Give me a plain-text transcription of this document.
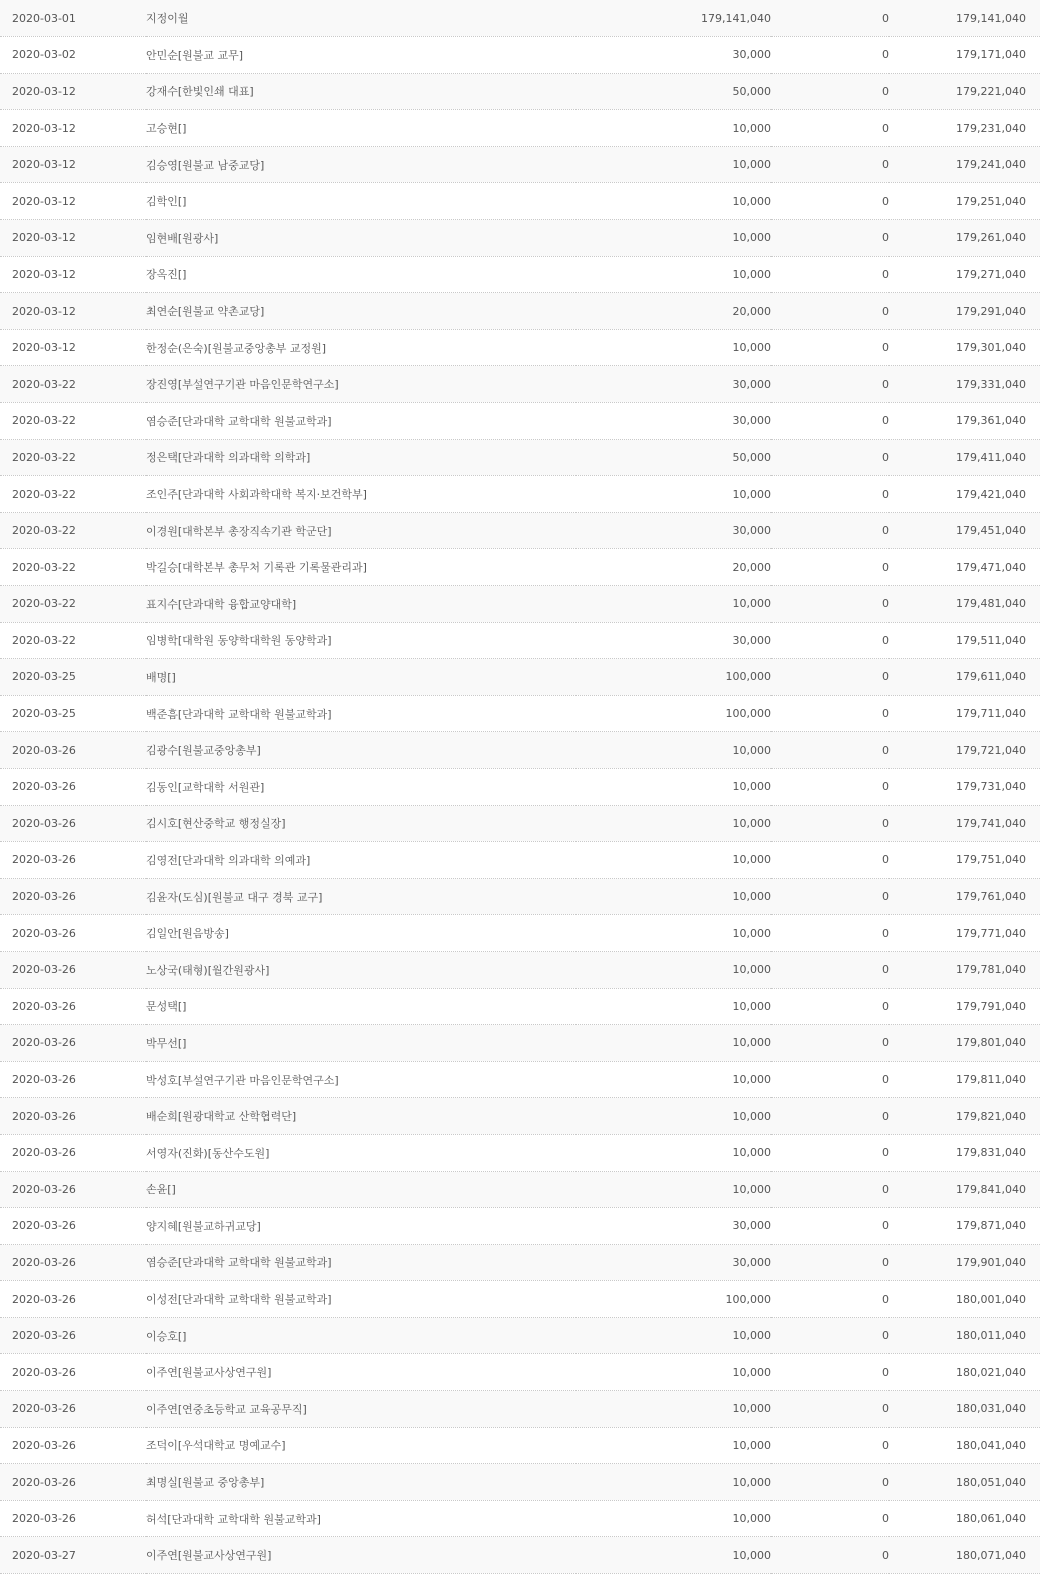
2020-03-01	지정이월	179,141,040	0	179,141,040
2020-03-02	안민순[원불교 교무]	30,000	0	179,171,040
2020-03-12	강재수[한빛인쇄 대표]	50,000	0	179,221,040
2020-03-12	고승현[]	10,000	0	179,231,040
2020-03-12	김승영[원불교 남중교당]	10,000	0	179,241,040
2020-03-12	김학인[]	10,000	0	179,251,040
2020-03-12	임현배[원광사]	10,000	0	179,261,040
2020-03-12	장옥진[]	10,000	0	179,271,040
2020-03-12	최연순[원불교 약촌교당]	20,000	0	179,291,040
2020-03-12	한정순(은숙)[원불교중앙총부 교정원]	10,000	0	179,301,040
2020-03-22	장진영[부설연구기관 마음인문학연구소]	30,000	0	179,331,040
2020-03-22	염승준[단과대학 교학대학 원불교학과]	30,000	0	179,361,040
2020-03-22	정은택[단과대학 의과대학 의학과]	50,000	0	179,411,040
2020-03-22	조인주[단과대학 사회과학대학 복지·보건학부]	10,000	0	179,421,040
2020-03-22	이경원[대학본부 총장직속기관 학군단]	30,000	0	179,451,040
2020-03-22	박길승[대학본부 총무처 기록관 기록물관리과]	20,000	0	179,471,040
2020-03-22	표지수[단과대학 융합교양대학]	10,000	0	179,481,040
2020-03-22	임병학[대학원 동양학대학원 동양학과]	30,000	0	179,511,040
2020-03-25	배명[]	100,000	0	179,611,040
2020-03-25	백준흠[단과대학 교학대학 원불교학과]	100,000	0	179,711,040
2020-03-26	김광수[원불교중앙총부]	10,000	0	179,721,040
2020-03-26	김동인[교학대학 서원관]	10,000	0	179,731,040
2020-03-26	김시호[현산중학교 행정실장]	10,000	0	179,741,040
2020-03-26	김영전[단과대학 의과대학 의예과]	10,000	0	179,751,040
2020-03-26	김윤자(도심)[원불교 대구 경북 교구]	10,000	0	179,761,040
2020-03-26	김일안[원음방송]	10,000	0	179,771,040
2020-03-26	노상국(태형)[월간원광사]	10,000	0	179,781,040
2020-03-26	문성택[]	10,000	0	179,791,040
2020-03-26	박무선[]	10,000	0	179,801,040
2020-03-26	박성호[부설연구기관 마음인문학연구소]	10,000	0	179,811,040
2020-03-26	배순희[원광대학교 산학협력단]	10,000	0	179,821,040
2020-03-26	서영자(진화)[동산수도원]	10,000	0	179,831,040
2020-03-26	손윤[]	10,000	0	179,841,040
2020-03-26	양지혜[원불교하귀교당]	30,000	0	179,871,040
2020-03-26	염승준[단과대학 교학대학 원불교학과]	30,000	0	179,901,040
2020-03-26	이성전[단과대학 교학대학 원불교학과]	100,000	0	180,001,040
2020-03-26	이승호[]	10,000	0	180,011,040
2020-03-26	이주연[원불교사상연구원]	10,000	0	180,021,040
2020-03-26	이주연[연중초등학교 교육공무직]	10,000	0	180,031,040
2020-03-26	조덕이[우석대학교 명예교수]	10,000	0	180,041,040
2020-03-26	최명실[원불교 중앙총부]	10,000	0	180,051,040
2020-03-26	허석[단과대학 교학대학 원불교학과]	10,000	0	180,061,040
2020-03-27	이주연[원불교사상연구원]	10,000	0	180,071,040
